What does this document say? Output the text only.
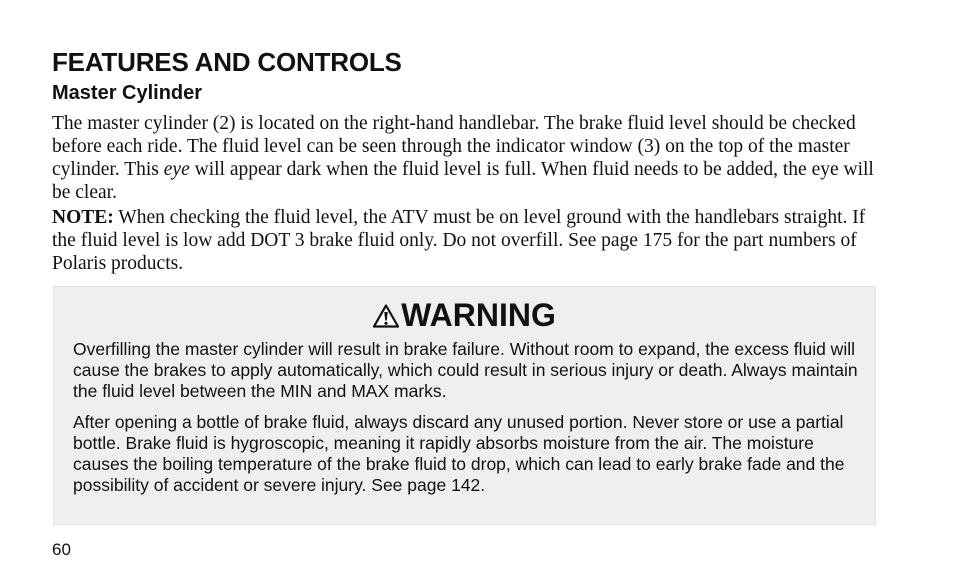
FEATURES AND CONTROLS
Master Cylinder

The master cylinder (2) is located on the right-hand handlebar. The brake fluid level should be checked before each ride. The fluid level can be seen through the indicator window (3) on the top of the master cylinder. This eye will appear dark when the fluid level is full. When fluid needs to be added, the eye will be clear.

NOTE: When checking the fluid level, the ATV must be on level ground with the handlebars straight. If the fluid level is low add DOT 3 brake fluid only. Do not overfill. See page 175 for the part numbers of Polaris products.

WARNING

Overfilling the master cylinder will result in brake failure. Without room to expand, the excess fluid will cause the brakes to apply automatically, which could result in serious injury or death. Always maintain the fluid level between the MIN and MAX marks.

After opening a bottle of brake fluid, always discard any unused portion. Never store or use a partial bottle. Brake fluid is hygroscopic, meaning it rapidly absorbs moisture from the air. The moisture causes the boiling temperature of the brake fluid to drop, which can lead to early brake fade and the possibility of accident or severe injury. See page 142.

60
